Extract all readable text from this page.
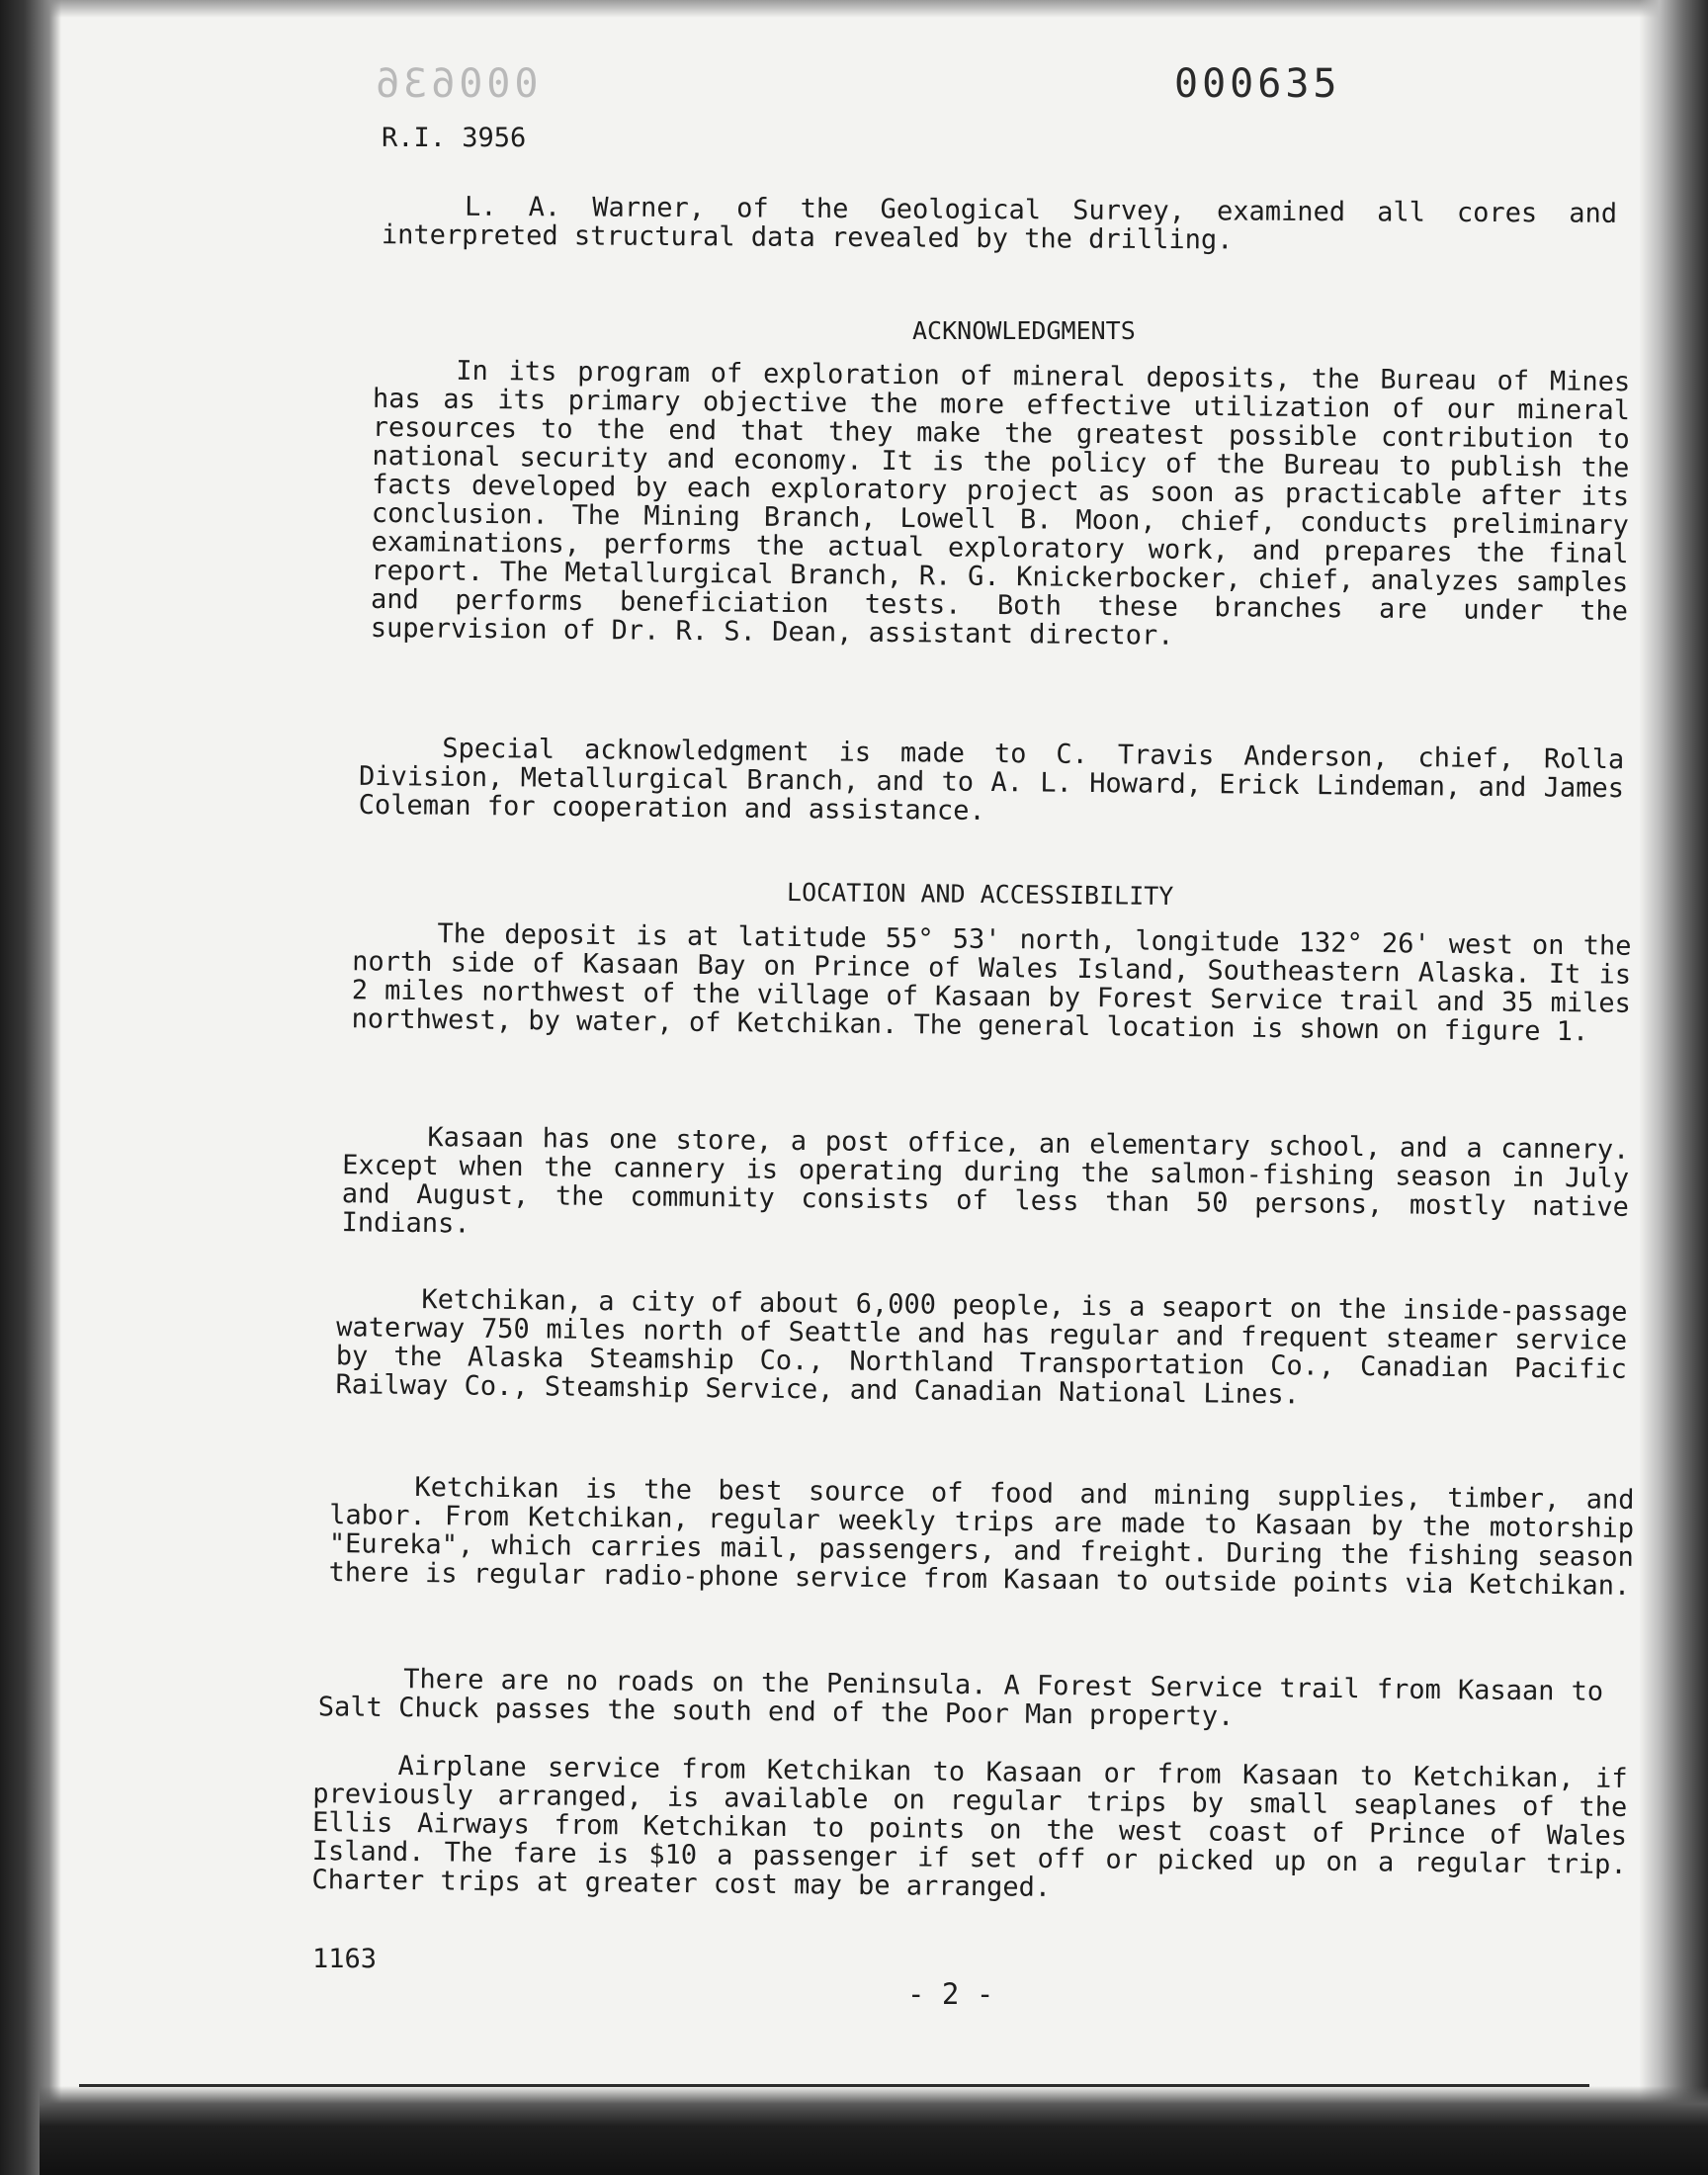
000636	000635
R.I. 3956

L. A. Warner, of the Geological Survey, examined all cores and interpreted structural data revealed by the drilling.

ACKNOWLEDGMENTS

In its program of exploration of mineral deposits, the Bureau of Mines has as its primary objective the more effective utilization of our mineral resources to the end that they make the greatest possible contribution to national security and economy. It is the policy of the Bureau to publish the facts developed by each exploratory project as soon as practicable after its conclusion. The Mining Branch, Lowell B. Moon, chief, conducts preliminary examinations, performs the actual exploratory work, and prepares the final report. The Metallurgical Branch, R. G. Knickerbocker, chief, analyzes samples and performs beneficiation tests. Both these branches are under the supervision of Dr. R. S. Dean, assistant director.

Special acknowledgment is made to C. Travis Anderson, chief, Rolla Division, Metallurgical Branch, and to A. L. Howard, Erick Lindeman, and James Coleman for cooperation and assistance.

LOCATION AND ACCESSIBILITY

The deposit is at latitude 55° 53' north, longitude 132° 26' west on the north side of Kasaan Bay on Prince of Wales Island, Southeastern Alaska. It is 2 miles northwest of the village of Kasaan by Forest Service trail and 35 miles northwest, by water, of Ketchikan. The general location is shown on figure 1.

Kasaan has one store, a post office, an elementary school, and a cannery. Except when the cannery is operating during the salmon-fishing season in July and August, the community consists of less than 50 persons, mostly native Indians.

Ketchikan, a city of about 6,000 people, is a seaport on the inside-passage waterway 750 miles north of Seattle and has regular and frequent steamer service by the Alaska Steamship Co., Northland Transportation Co., Canadian Pacific Railway Co., Steamship Service, and Canadian National Lines.

Ketchikan is the best source of food and mining supplies, timber, and labor. From Ketchikan, regular weekly trips are made to Kasaan by the motorship "Eureka", which carries mail, passengers, and freight. During the fishing season there is regular radio-phone service from Kasaan to outside points via Ketchikan.

There are no roads on the Peninsula. A Forest Service trail from Kasaan to Salt Chuck passes the south end of the Poor Man property.

Airplane service from Ketchikan to Kasaan or from Kasaan to Ketchikan, if previously arranged, is available on regular trips by small seaplanes of the Ellis Airways from Ketchikan to points on the west coast of Prince of Wales Island. The fare is $10 a passenger if set off or picked up on a regular trip. Charter trips at greater cost may be arranged.

1163
- 2 -
